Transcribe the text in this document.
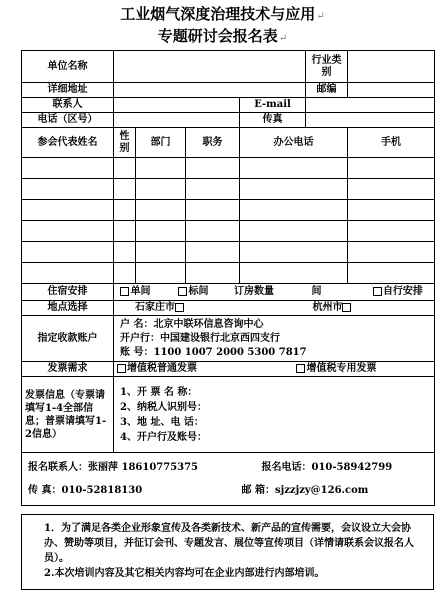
工业烟气深度治理技术与应用↵
专题研讨会报名表↵
单位名称					行业类别	
详细地址					邮编	
联系人				E-mail		
电话（区号）				传真		
参会代表姓名	性别	部门	职务	办公电话		手机

住宿安排	单间 标间 订房数量 间 自行安排					
地点选择	石家庄市 杭州市					
指定收款账户	户 名：北京中联环信息咨询中心
开户行：中国建设银行北京西四支行
账 号：1100 1007 2000 5300 7817					

发票需求	增值税普通发票 增值税专用发票					
发票信息（专票请填写1-4全部信息；普票请填写1-2信息）	1、开 票 名 称：
2、纳税人识别号：
3、地 址、电 话：
4、开户行及账号：					

报名联系人：张丽萍 18610775375 报名电话：010-58942799
传 真：010-52818130 邮 箱：sjzzjzy@126.com						

1．为了满足各类企业形象宣传及各类新技术、新产品的宣传需要，会议设立大会协办、赞助等项目，并征订会刊、专题发言、展位等宣传项目（详情请联系会议报名人员）。

2.本次培训内容及其它相关内容均可在企业内部进行内部培训。
